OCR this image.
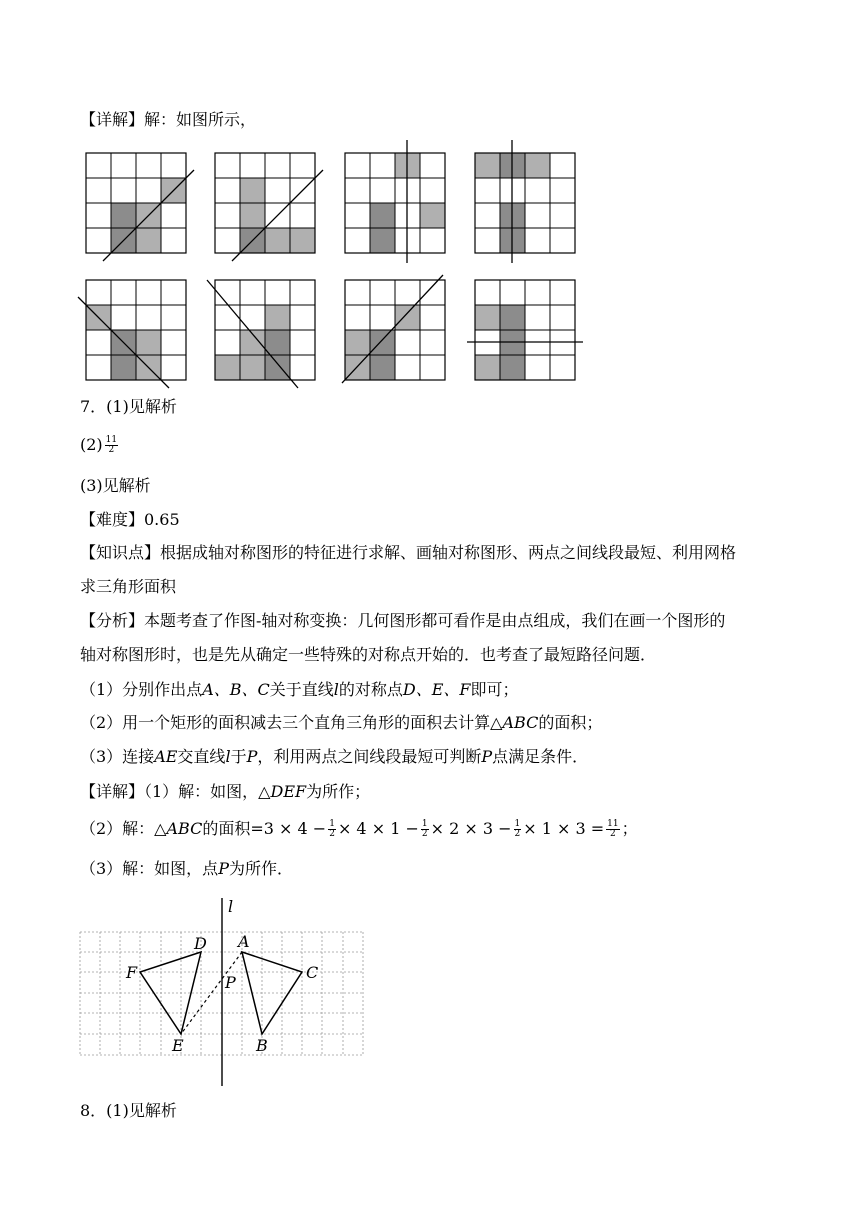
【详解】解：如图所示，
7．(1)见解析
$(2) \frac{11}{2}$
(3)见解析
【难度】0.65
【知识点】根据成轴对称图形的特征进行求解、画轴对称图形、两点之间线段最短、利用网格
求三角形面积
【分析】本题考查了作图-轴对称变换：几何图形都可看作是由点组成，我们在画一个图形的
轴对称图形时，也是先从确定一些特殊的对称点开始的．也考查了最短路径问题．
（1）分别作出点A、B、C关于直线l的对称点D、E、F即可；
（2）用一个矩形的面积减去三个直角三角形的面积去计算△ABC的面积；
（3）连接AE交直线l于P，利用两点之间线段最短可判断P点满足条件．
【详解】（1）解：如图，△DEF为所作；
（2）解：△ABC的面积$=3 \times 4 - \frac{1}{2} \times 4 \times 1 - \frac{1}{2} \times 2 \times 3 - \frac{1}{2} \times 1 \times 3 = \frac{11}{2}$ ；
（3）解：如图，点P为所作．
l
A
D
F	C
P
E	B
8．(1)见解析
